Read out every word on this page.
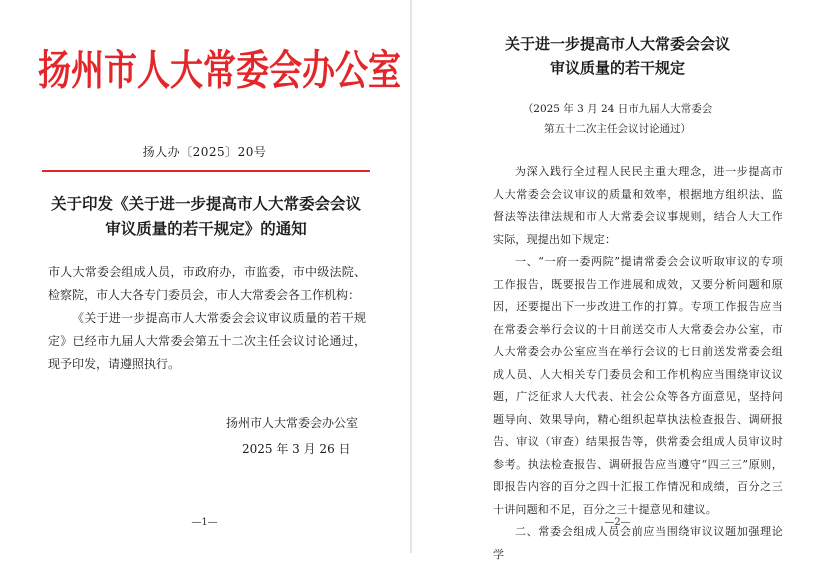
扬州市人大常委会办公室
扬人办〔2025〕20号
关于印发《关于进一步提高市人大常委会会议
审议质量的若干规定》的通知

市人大常委会组成人员，市政府办，市监委，市中级法院、检察院，市人大各专门委员会，市人大常委会各工作机构：

《关于进一步提高市人大常委会会议审议质量的若干规定》已经市九届人大常委会第五十二次主任会议讨论通过，现予印发，请遵照执行。

扬州市人大常委会办公室
2025 年 3 月 26 日
—1—
关于进一步提高市人大常委会会议
审议质量的若干规定
（2025 年 3 月 24 日市九届人大常委会
第五十二次主任会议讨论通过）

为深入践行全过程人民民主重大理念，进一步提高市人大常委会会议审议的质量和效率，根据地方组织法、监督法等法律法规和市人大常委会议事规则，结合人大工作实际，现提出如下规定：

一、“一府一委两院”提请常委会会议听取审议的专项工作报告，既要报告工作进展和成效，又要分析问题和原因，还要提出下一步改进工作的打算。专项工作报告应当在常委会举行会议的十日前送交市人大常委会办公室，市人大常委会办公室应当在举行会议的七日前送发常委会组成人员、人大相关专门委员会和工作机构应当围绕审议议题，广泛征求人大代表、社会公众等各方面意见，坚持问题导向、效果导向，精心组织起草执法检查报告、调研报告、审议（审查）结果报告等，供常委会组成人员审议时参考。执法检查报告、调研报告应当遵守“四三三”原则，即报告内容的百分之四十汇报工作情况和成绩，百分之三十讲问题和不足，百分之三十提意见和建议。

二、常委会组成人员会前应当围绕审议议题加强理论学

—2—
